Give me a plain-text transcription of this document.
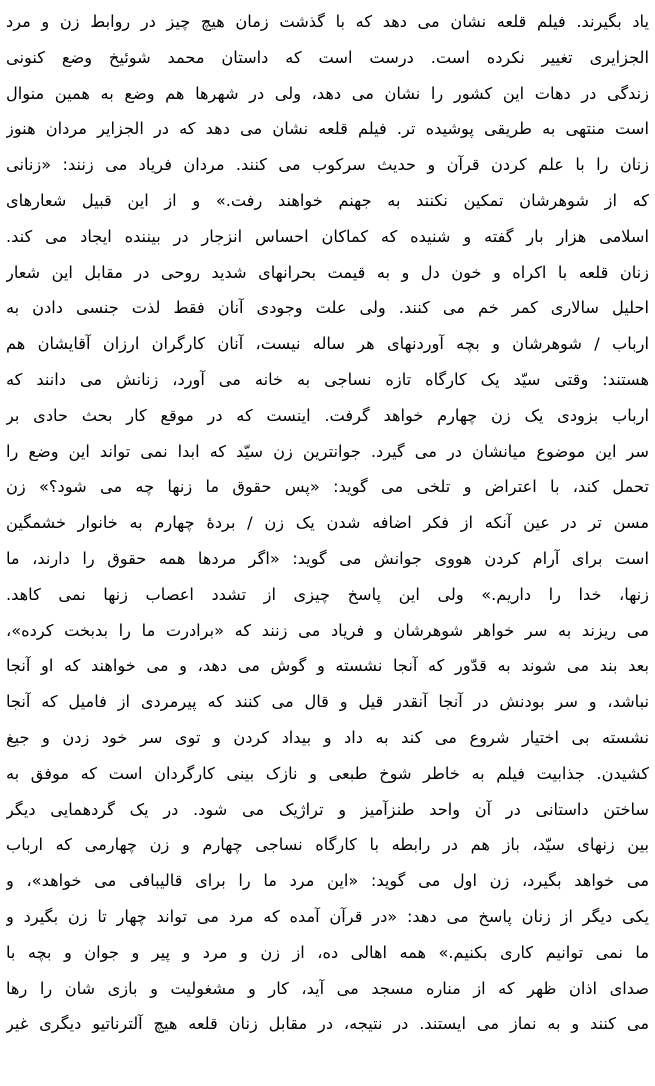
یاد بگیرند. فیلم قلعه نشان می دهد که با گذشت زمان هیچ چیز در روابط زن و مرد
الجزایری تغییر نکرده است. درست است که داستان محمد شوئیخ وضع کنونی
زندگی در دهات این کشور را نشان می دهد، ولی در شهرها هم وضع به همین منوال
است منتهی به طریقی پوشیده تر. فیلم قلعه نشان می دهد که در الجزایر مردان هنوز
زنان را با علم کردن قرآن و حدیث سرکوب می کنند. مردان فریاد می زنند: «زنانی
که از شوهرشان تمکین نکنند به جهنم خواهند رفت.» و از این قبیل شعارهای
اسلامی هزار بار گفته و شنیده که کماکان احساس انزجار در بیننده ایجاد می کند.
زنان قلعه با اکراه و خون دل و به قیمت بحرانهای شدید روحی در مقابل این شعار
احلیل سالاری کمر خم می کنند. ولی علت وجودی آنان فقط لذت جنسی دادن به
ارباب / شوهرشان و بچه آوردنهای هر ساله نیست، آنان کارگران ارزان آقایشان هم
هستند: وقتی سیّد یک کارگاه تازه نساجی به خانه می آورد، زنانش می دانند که
ارباب بزودی یک زن چهارم خواهد گرفت. اینست که در موقع کار بحث حادی بر
سر این موضوع میانشان در می گیرد. جوانترین زن سیّد که ابدا نمی تواند این وضع را
تحمل کند، با اعتراض و تلخی می گوید: «پس حقوق ما زنها چه می شود؟» زن
مسن تر در عین آنکه از فکر اضافه شدن یک زن / بردهٔ چهارم به خانوار خشمگین
است برای آرام کردن هووی جوانش می گوید: «اگر مردها همه حقوق را دارند، ما
زنها، خدا را داریم.» ولی این پاسخ چیزی از تشدد اعصاب زنها نمی کاهد.
می ریزند به سر خواهر شوهرشان و فریاد می زنند که «برادرت ما را بدبخت کرده»،
بعد بند می شوند به قدّور که آنجا نشسته و گوش می دهد، و می خواهند که او آنجا
نباشد، و سر بودنش در آنجا آنقدر قیل و قال می کنند که پیرمردی از فامیل که آنجا
نشسته بی اختیار شروع می کند به داد و بیداد کردن و توی سر خود زدن و جیغ
کشیدن. جذابیت فیلم به خاطر شوخ طبعی و نازک بینی کارگردان است که موفق به
ساختن داستانی در آن واحد طنزآمیز و تراژیک می شود. در یک گردهمایی دیگر
بین زنهای سیّد، باز هم در رابطه با کارگاه نساجی چهارم و زن چهارمی که ارباب
می خواهد بگیرد، زن اول می گوید: «این مرد ما را برای قالیبافی می خواهد»، و
یکی دیگر از زنان پاسخ می دهد: «در قرآن آمده که مرد می تواند چهار تا زن بگیرد و
ما نمی توانیم کاری بکنیم.» همه اهالی ده، از زن و مرد و پیر و جوان و بچه با
صدای اذان ظهر که از مناره مسجد می آید، کار و مشغولیت و بازی شان را رها
می کنند و به نماز می ایستند. در نتیجه، در مقابل زنان قلعه هیچ آلترناتیو دیگری غیر
